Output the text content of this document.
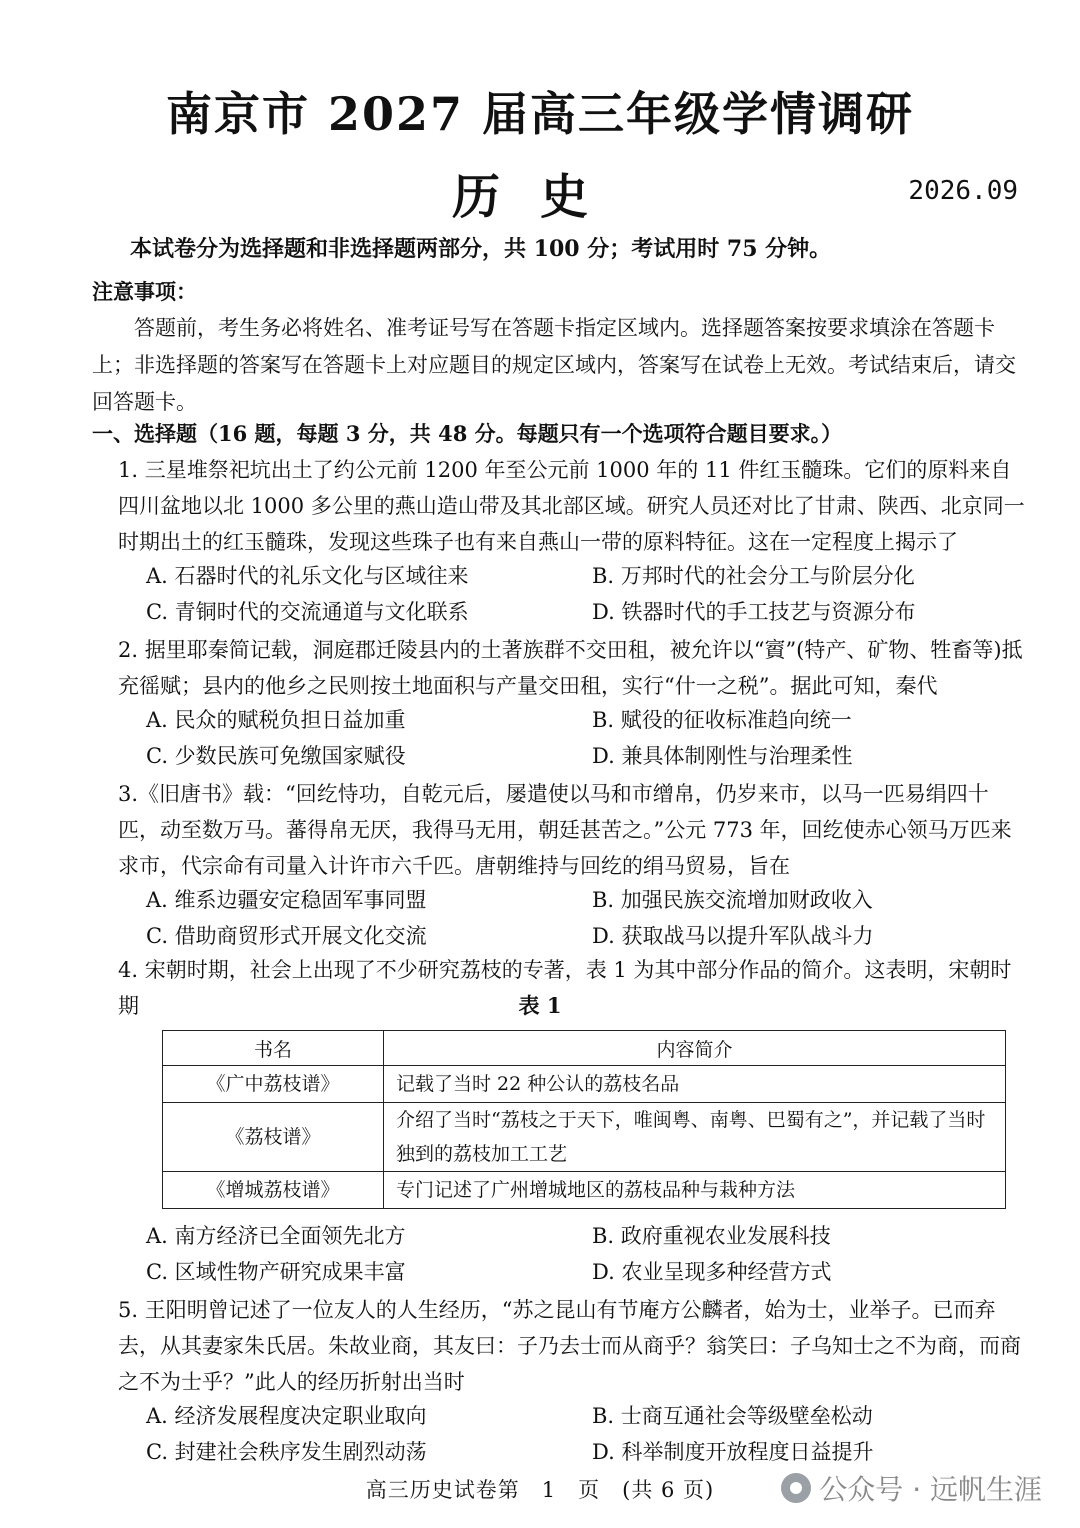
南京市 2027 届高三年级学情调研
历史	2026.09
本试卷分为选择题和非选择题两部分，共 100 分；考试用时 75 分钟。
注意事项：
答题前，考生务必将姓名、准考证号写在答题卡指定区域内。选择题答案按要求填涂在答题卡上；非选择题的答案写在答题卡上对应题目的规定区域内，答案写在试卷上无效。考试结束后，请交回答题卡。
一、选择题（16 题，每题 3 分，共 48 分。每题只有一个选项符合题目要求。）
1. 三星堆祭祀坑出土了约公元前 1200 年至公元前 1000 年的 11 件红玉髓珠。它们的原料来自四川盆地以北 1000 多公里的燕山造山带及其北部区域。研究人员还对比了甘肃、陕西、北京同一时期出土的红玉髓珠，发现这些珠子也有来自燕山一带的原料特征。这在一定程度上揭示了
A. 石器时代的礼乐文化与区域往来	B. 万邦时代的社会分工与阶层分化
C. 青铜时代的交流通道与文化联系	D. 铁器时代的手工技艺与资源分布
2. 据里耶秦简记载，洞庭郡迁陵县内的土著族群不交田租，被允许以“賨”(特产、矿物、牲畜等)抵充徭赋；县内的他乡之民则按土地面积与产量交田租，实行“什一之税”。据此可知，秦代
A. 民众的赋税负担日益加重	B. 赋役的征收标准趋向统一
C. 少数民族可免缴国家赋役	D. 兼具体制刚性与治理柔性
3.《旧唐书》载：“回纥恃功，自乾元后，屡遣使以马和市缯帛，仍岁来市，以马一匹易绢四十匹，动至数万马。蕃得帛无厌，我得马无用，朝廷甚苦之。”公元 773 年，回纥使赤心领马万匹来求市，代宗命有司量入计许市六千匹。唐朝维持与回纥的绢马贸易，旨在
A. 维系边疆安定稳固军事同盟	B. 加强民族交流增加财政收入
C. 借助商贸形式开展文化交流	D. 获取战马以提升军队战斗力
4. 宋朝时期，社会上出现了不少研究荔枝的专著，表 1 为其中部分作品的简介。这表明，宋朝时期	表 1
书名	内容简介
《广中荔枝谱》	记载了当时 22 种公认的荔枝名品
《荔枝谱》	介绍了当时“荔枝之于天下，唯闽粤、南粤、巴蜀有之”，并记载了当时独到的荔枝加工工艺
《增城荔枝谱》	专门记述了广州增城地区的荔枝品种与栽种方法
A. 南方经济已全面领先北方	B. 政府重视农业发展科技
C. 区域性物产研究成果丰富	D. 农业呈现多种经营方式
5. 王阳明曾记述了一位友人的人生经历，“苏之昆山有节庵方公麟者，始为士，业举子。已而弃去，从其妻家朱氏居。朱故业商，其友曰：子乃去士而从商乎？翁笑曰：子乌知士之不为商，而商之不为士乎？”此人的经历折射出当时
A. 经济发展程度决定职业取向	B. 士商互通社会等级壁垒松动
C. 封建社会秩序发生剧烈动荡	D. 科举制度开放程度日益提升
高三历史试卷第　1　页　(共 6 页)	公众号 · 远帆生涯
